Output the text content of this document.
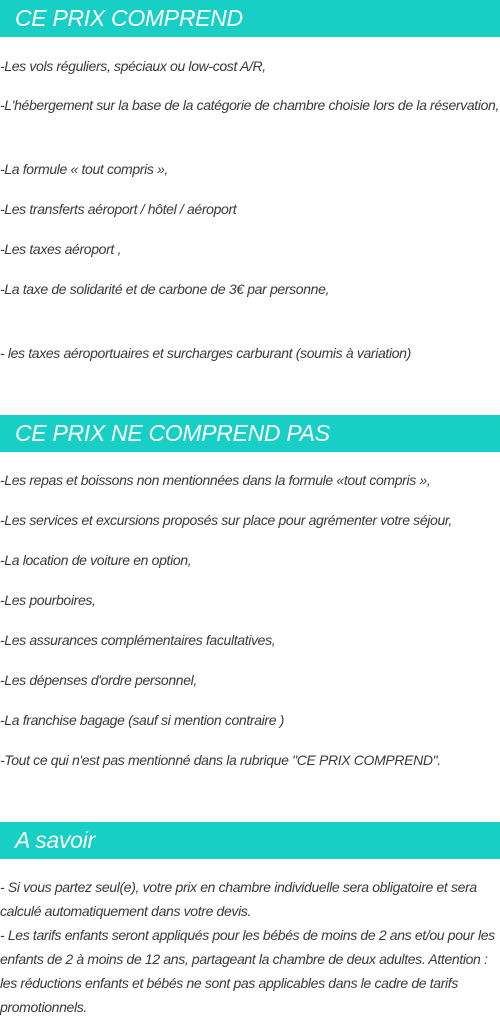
CE PRIX COMPREND
-Les vols réguliers, spéciaux ou low-cost A/R,
-L'hébergement sur la base de la catégorie de chambre choisie lors de la réservation,
-La formule « tout compris »,
-Les transferts aéroport / hôtel / aéroport
-Les taxes aéroport ,
-La taxe de solidarité et de carbone de 3€ par personne,
- les taxes aéroportuaires et surcharges carburant (soumis à variation)
CE PRIX NE COMPREND PAS
-Les repas et boissons non mentionnées dans la formule «tout compris »,
-Les services et excursions proposés sur place pour agrémenter votre séjour,
-La location de voiture en option,
-Les pourboires,
-Les assurances complémentaires facultatives,
-Les dépenses d'ordre personnel,
-La franchise bagage (sauf si mention contraire )
-Tout ce qui n'est pas mentionné dans la rubrique "CE PRIX COMPREND".
A savoir
- Si vous partez seul(e), votre prix en chambre individuelle sera obligatoire et sera calculé automatiquement dans votre devis.
- Les tarifs enfants seront appliqués pour les bébés de moins de 2 ans et/ou pour les enfants de 2 à moins de 12 ans, partageant la chambre de deux adultes. Attention : les réductions enfants et bébés ne sont pas applicables dans le cadre de tarifs promotionnels.
